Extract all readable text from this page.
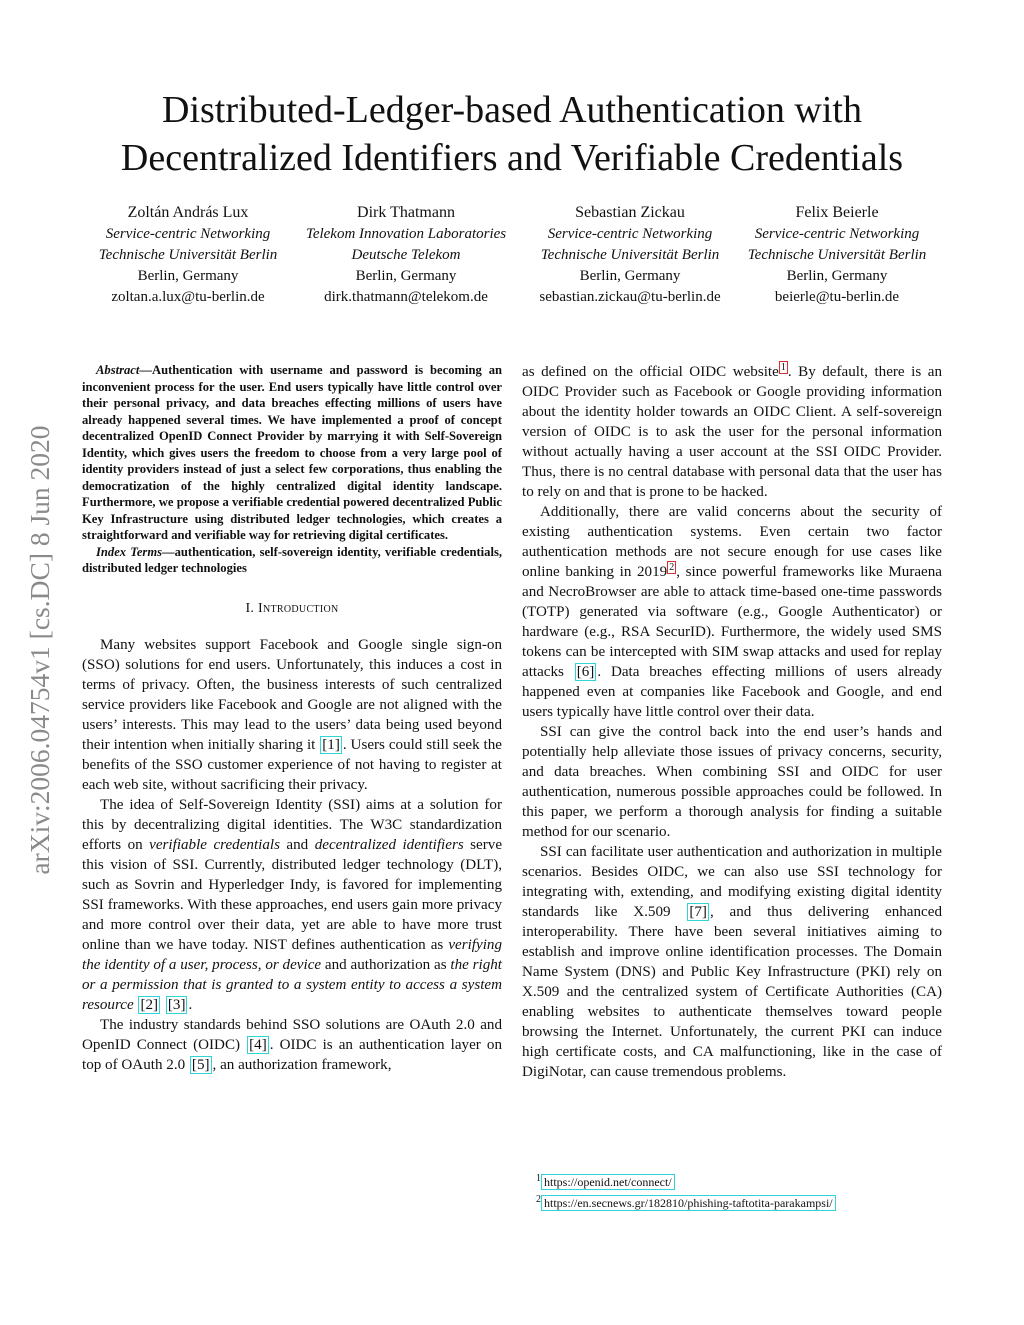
arXiv:2006.04754v1 [cs.DC] 8 Jun 2020
Distributed-Ledger-based Authentication with
Decentralized Identifiers and Verifiable Credentials
Zoltán András Lux
Service-centric Networking
Technische Universität Berlin
Berlin, Germany
zoltan.a.lux@tu-berlin.de
Dirk Thatmann
Telekom Innovation Laboratories
Deutsche Telekom
Berlin, Germany
dirk.thatmann@telekom.de
Sebastian Zickau
Service-centric Networking
Technische Universität Berlin
Berlin, Germany
sebastian.zickau@tu-berlin.de
Felix Beierle
Service-centric Networking
Technische Universität Berlin
Berlin, Germany
beierle@tu-berlin.de

Abstract—Authentication with username and password is becoming an inconvenient process for the user. End users typically have little control over their personal privacy, and data breaches effecting millions of users have already happened several times. We have implemented a proof of concept decentralized OpenID Connect Provider by marrying it with Self-Sovereign Identity, which gives users the freedom to choose from a very large pool of identity providers instead of just a select few corporations, thus enabling the democratization of the highly centralized digital identity landscape. Furthermore, we propose a verifiable credential powered decentralized Public Key Infrastructure using distributed ledger technologies, which creates a straightforward and verifiable way for retrieving digital certificates.

Index Terms—authentication, self-sovereign identity, verifiable credentials, distributed ledger technologies

I. Introduction

Many websites support Facebook and Google single sign-on (SSO) solutions for end users. Unfortunately, this induces a cost in terms of privacy. Often, the business interests of such centralized service providers like Facebook and Google are not aligned with the users’ interests. This may lead to the users’ data being used beyond their intention when initially sharing it [1] . Users could still seek the benefits of the SSO customer experience of not having to register at each web site, without sacrificing their privacy.

The idea of Self-Sovereign Identity (SSI) aims at a solution for this by decentralizing digital identities. The W3C standardization efforts on verifiable credentials and decentralized identifiers serve this vision of SSI. Currently, distributed ledger technology (DLT), such as Sovrin and Hyperledger Indy, is favored for implementing SSI frameworks. With these approaches, end users gain more privacy and more control over their data, yet are able to have more trust online than we have today. NIST defines authentication as verifying the identity of a user, process, or device and authorization as the right or a permission that is granted to a system entity to access a system resource [2] [3] .

The industry standards behind SSO solutions are OAuth 2.0 and OpenID Connect (OIDC) [4] . OIDC is an authentication layer on top of OAuth 2.0 [5] , an authorization framework,

as defined on the official OIDC website $^1$ . By default, there is an OIDC Provider such as Facebook or Google providing information about the identity holder towards an OIDC Client. A self-sovereign version of OIDC is to ask the user for the personal information without actually having a user account at the SSI OIDC Provider. Thus, there is no central database with personal data that the user has to rely on and that is prone to be hacked.

Additionally, there are valid concerns about the security of existing authentication systems. Even certain two factor authentication methods are not secure enough for use cases like online banking in 2019 $^2$ , since powerful frameworks like Muraena and NecroBrowser are able to attack time-based one-time passwords (TOTP) generated via software (e.g., Google Authenticator) or hardware (e.g., RSA SecurID). Furthermore, the widely used SMS tokens can be intercepted with SIM swap attacks and used for replay attacks [6] . Data breaches effecting millions of users already happened even at companies like Facebook and Google, and end users typically have little control over their data.

SSI can give the control back into the end user’s hands and potentially help alleviate those issues of privacy concerns, security, and data breaches. When combining SSI and OIDC for user authentication, numerous possible approaches could be followed. In this paper, we perform a thorough analysis for finding a suitable method for our scenario.

SSI can facilitate user authentication and authorization in multiple scenarios. Besides OIDC, we can also use SSI technology for integrating with, extending, and modifying existing digital identity standards like X.509 [7] , and thus delivering enhanced interoperability. There have been several initiatives aiming to establish and improve online identification processes. The Domain Name System (DNS) and Public Key Infrastructure (PKI) rely on X.509 and the centralized system of Certificate Authorities (CA) enabling websites to authenticate themselves toward people browsing the Internet. Unfortunately, the current PKI can induce high certificate costs, and CA malfunctioning, like in the case of DigiNotar, can cause tremendous problems.

$^1$ https://openid.net/connect/
$^2$ https://en.secnews.gr/182810/phishing-taftotita-parakampsi/
